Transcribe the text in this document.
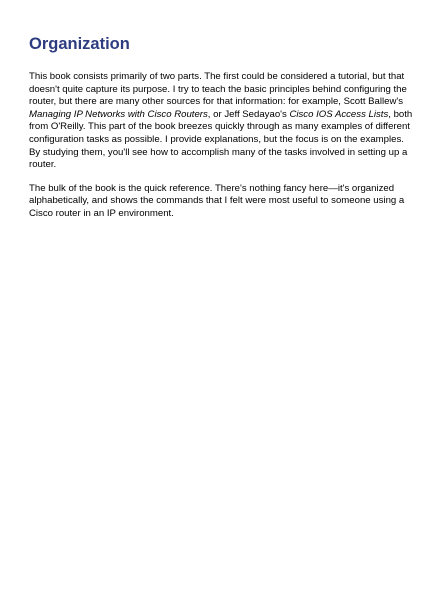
Organization

This book consists primarily of two parts. The first could be considered a tutorial, but that doesn't quite capture its purpose. I try to teach the basic principles behind configuring the router, but there are many other sources for that information: for example, Scott Ballew's Managing IP Networks with Cisco Routers, or Jeff Sedayao's Cisco IOS Access Lists, both from O'Reilly. This part of the book breezes quickly through as many examples of different configuration tasks as possible. I provide explanations, but the focus is on the examples. By studying them, you'll see how to accomplish many of the tasks involved in setting up a router.

The bulk of the book is the quick reference. There's nothing fancy here—it's organized alphabetically, and shows the commands that I felt were most useful to someone using a Cisco router in an IP environment.
